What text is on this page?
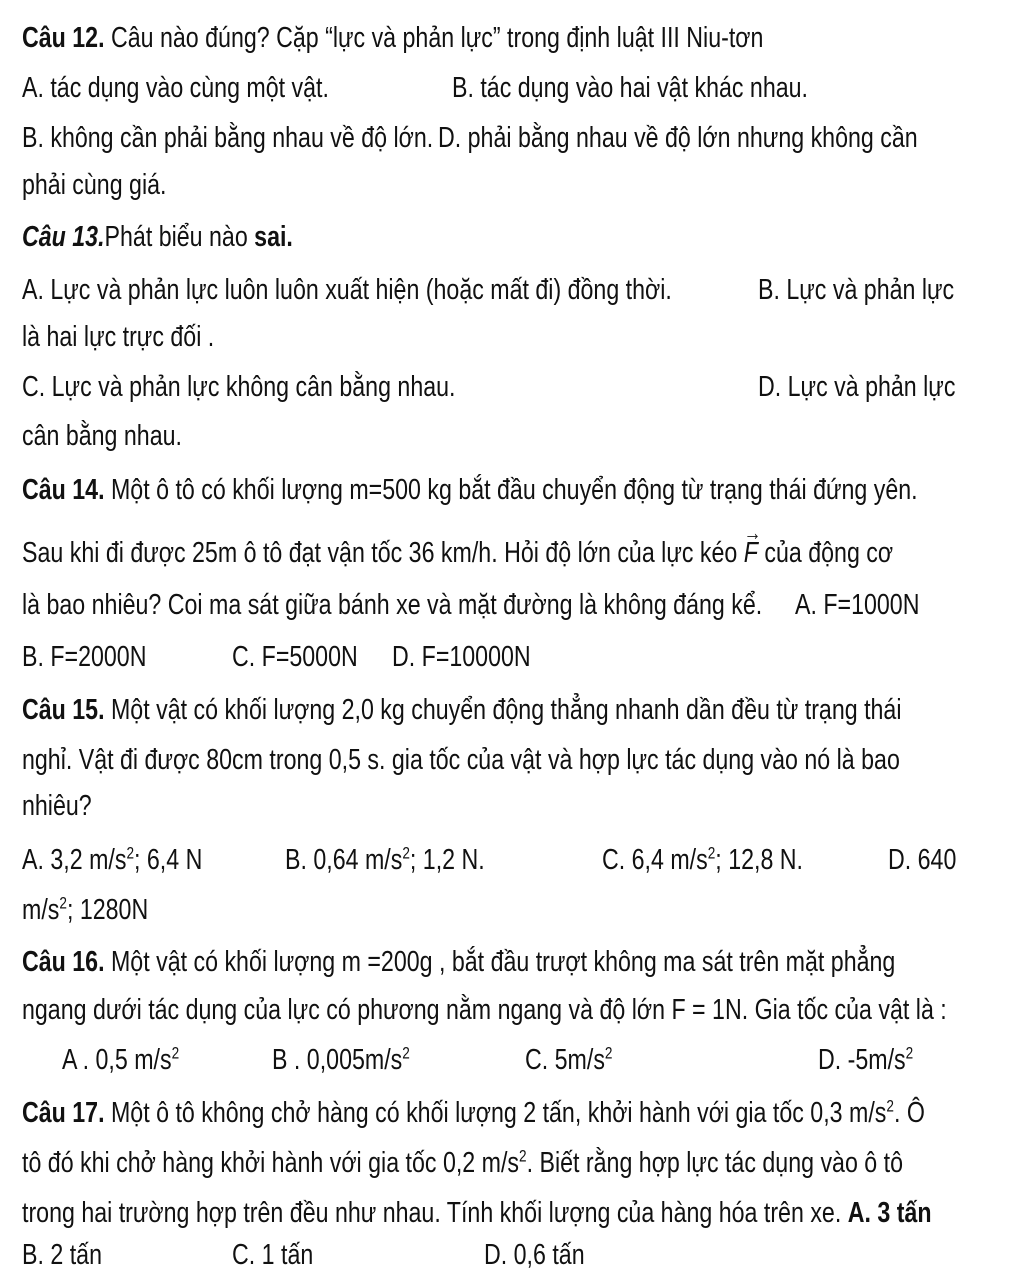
Câu 12. Câu nào đúng? Cặp “lực và phản lực” trong định luật III Niu-tơn
A. tác dụng vào cùng một vật.	B. tác dụng vào hai vật khác nhau.
B. không cần phải bằng nhau về độ lớn. D. phải bằng nhau về độ lớn nhưng không cần
phải cùng giá.
Câu 13.Phát biểu nào sai.
A. Lực và phản lực luôn luôn xuất hiện (hoặc mất đi) đồng thời.	B. Lực và phản lực
là hai lực trực đối .
C. Lực và phản lực không cân bằng nhau.	D. Lực và phản lực
cân bằng nhau.
Câu 14. Một ô tô có khối lượng m=500 kg bắt đầu chuyển động từ trạng thái đứng yên.
Sau khi đi được 25m ô tô đạt vận tốc 36 km/h. Hỏi độ lớn của lực kéo → F của động cơ
là bao nhiêu? Coi ma sát giữa bánh xe và mặt đường là không đáng kể. A. F=1000N
B. F=2000N	C. F=5000N D. F=10000N
Câu 15. Một vật có khối lượng 2,0 kg chuyển động thẳng nhanh dần đều từ trạng thái
nghỉ. Vật đi được 80cm trong 0,5 s. gia tốc của vật và hợp lực tác dụng vào nó là bao
nhiêu?
A. 3,2 $m/s^2$; 6,4 N	B. 0,64 $m/s^2$; 1,2 N.	C. 6,4 $m/s^2$; 12,8 N.	D. 640
$m/s^2$; 1280N
Câu 16. Một vật có khối lượng m =200g , bắt đầu trượt không ma sát trên mặt phẳng
ngang dưới tác dụng của lực có phương nằm ngang và độ lớn F = 1N. Gia tốc của vật là :
A . 0,5 $m/s^2$	B . $0,005m/s^2$	C. $5m/s^2$	D. $-5m/s^2$
Câu 17. Một ô tô không chở hàng có khối lượng 2 tấn, khởi hành với gia tốc 0,3 $m/s^2$. Ô
tô đó khi chở hàng khởi hành với gia tốc 0,2 $m/s^2$. Biết rằng hợp lực tác dụng vào ô tô
trong hai trường hợp trên đều như nhau. Tính khối lượng của hàng hóa trên xe. A. 3 tấn
B. 2 tấn	C. 1 tấn	D. 0,6 tấn
